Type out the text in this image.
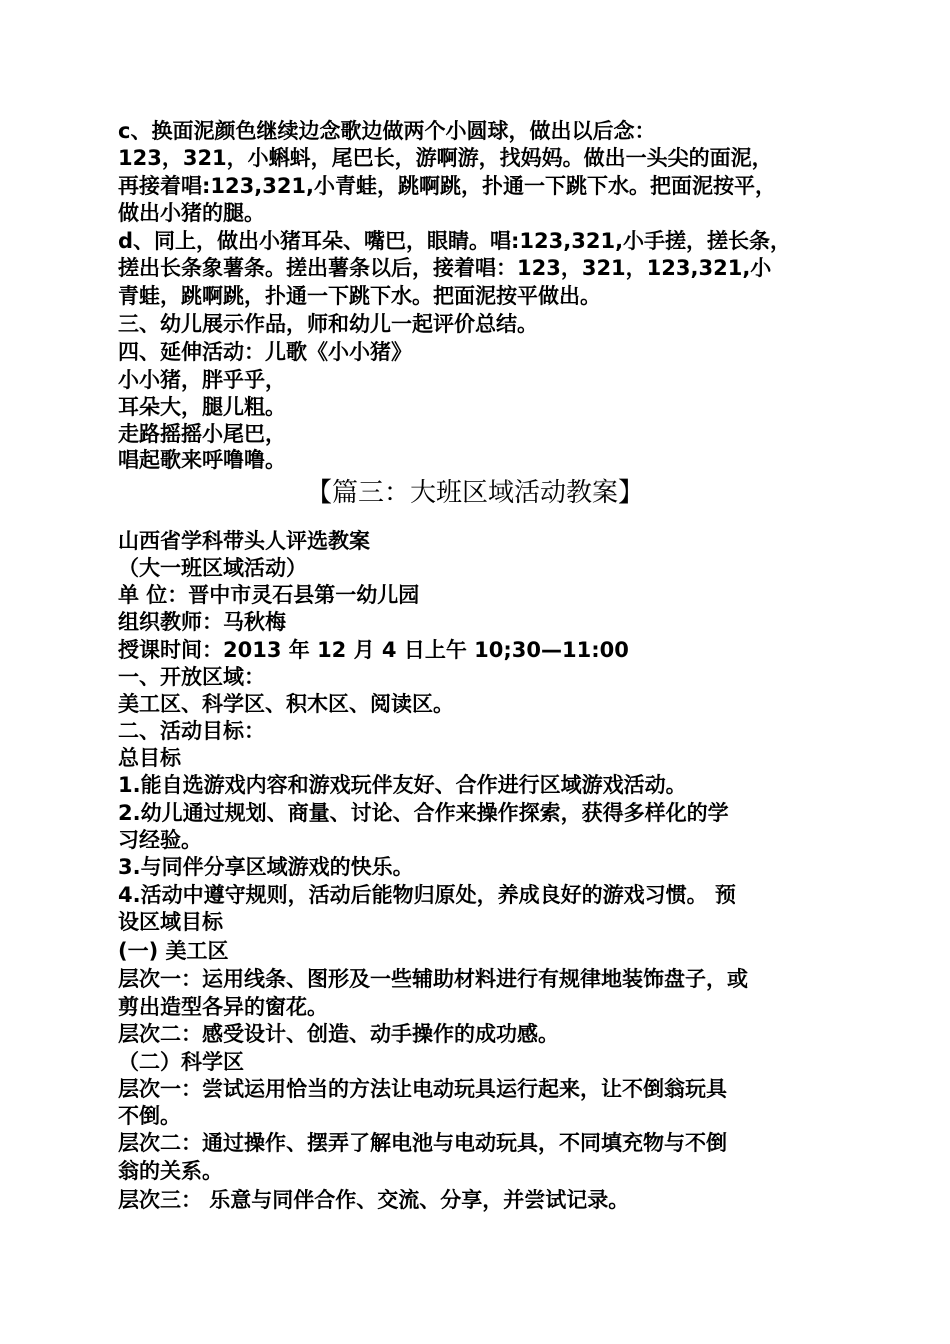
c、换面泥颜色继续边念歌边做两个小圆球，做出以后念：
123，321，小蝌蚪，尾巴长，游啊游，找妈妈。做出一头尖的面泥，
再接着唱:123,321,小青蛙，跳啊跳，扑通一下跳下水。把面泥按平，
做出小猪的腿。
d、同上，做出小猪耳朵、嘴巴，眼睛。唱:123,321,小手搓，搓长条，
搓出长条象薯条。搓出薯条以后，接着唱：123，321，123,321,小
青蛙，跳啊跳，扑通一下跳下水。把面泥按平做出。
三、幼儿展示作品，师和幼儿一起评价总结。
四、延伸活动：儿歌《小小猪》
小小猪，胖乎乎，
耳朵大，腿儿粗。
走路摇摇小尾巴，
唱起歌来呼噜噜。
【篇三：大班区域活动教案】
山西省学科带头人评选教案
（大一班区域活动）
单 位：晋中市灵石县第一幼儿园
组织教师：马秋梅
授课时间：2013 年 12 月 4 日上午 10;30—11:00
一、开放区域：
美工区、科学区、积木区、阅读区。
二、活动目标：
总目标
1.能自选游戏内容和游戏玩伴友好、合作进行区域游戏活动。
2.幼儿通过规划、商量、讨论、合作来操作探索，获得多样化的学
习经验。
3.与同伴分享区域游戏的快乐。
4.活动中遵守规则，活动后能物归原处，养成良好的游戏习惯。 预
设区域目标
(一) 美工区
层次一：运用线条、图形及一些辅助材料进行有规律地装饰盘子，或
剪出造型各异的窗花。
层次二：感受设计、创造、动手操作的成功感。
（二）科学区
层次一：尝试运用恰当的方法让电动玩具运行起来，让不倒翁玩具
不倒。
层次二：通过操作、摆弄了解电池与电动玩具，不同填充物与不倒
翁的关系。
层次三： 乐意与同伴合作、交流、分享，并尝试记录。
